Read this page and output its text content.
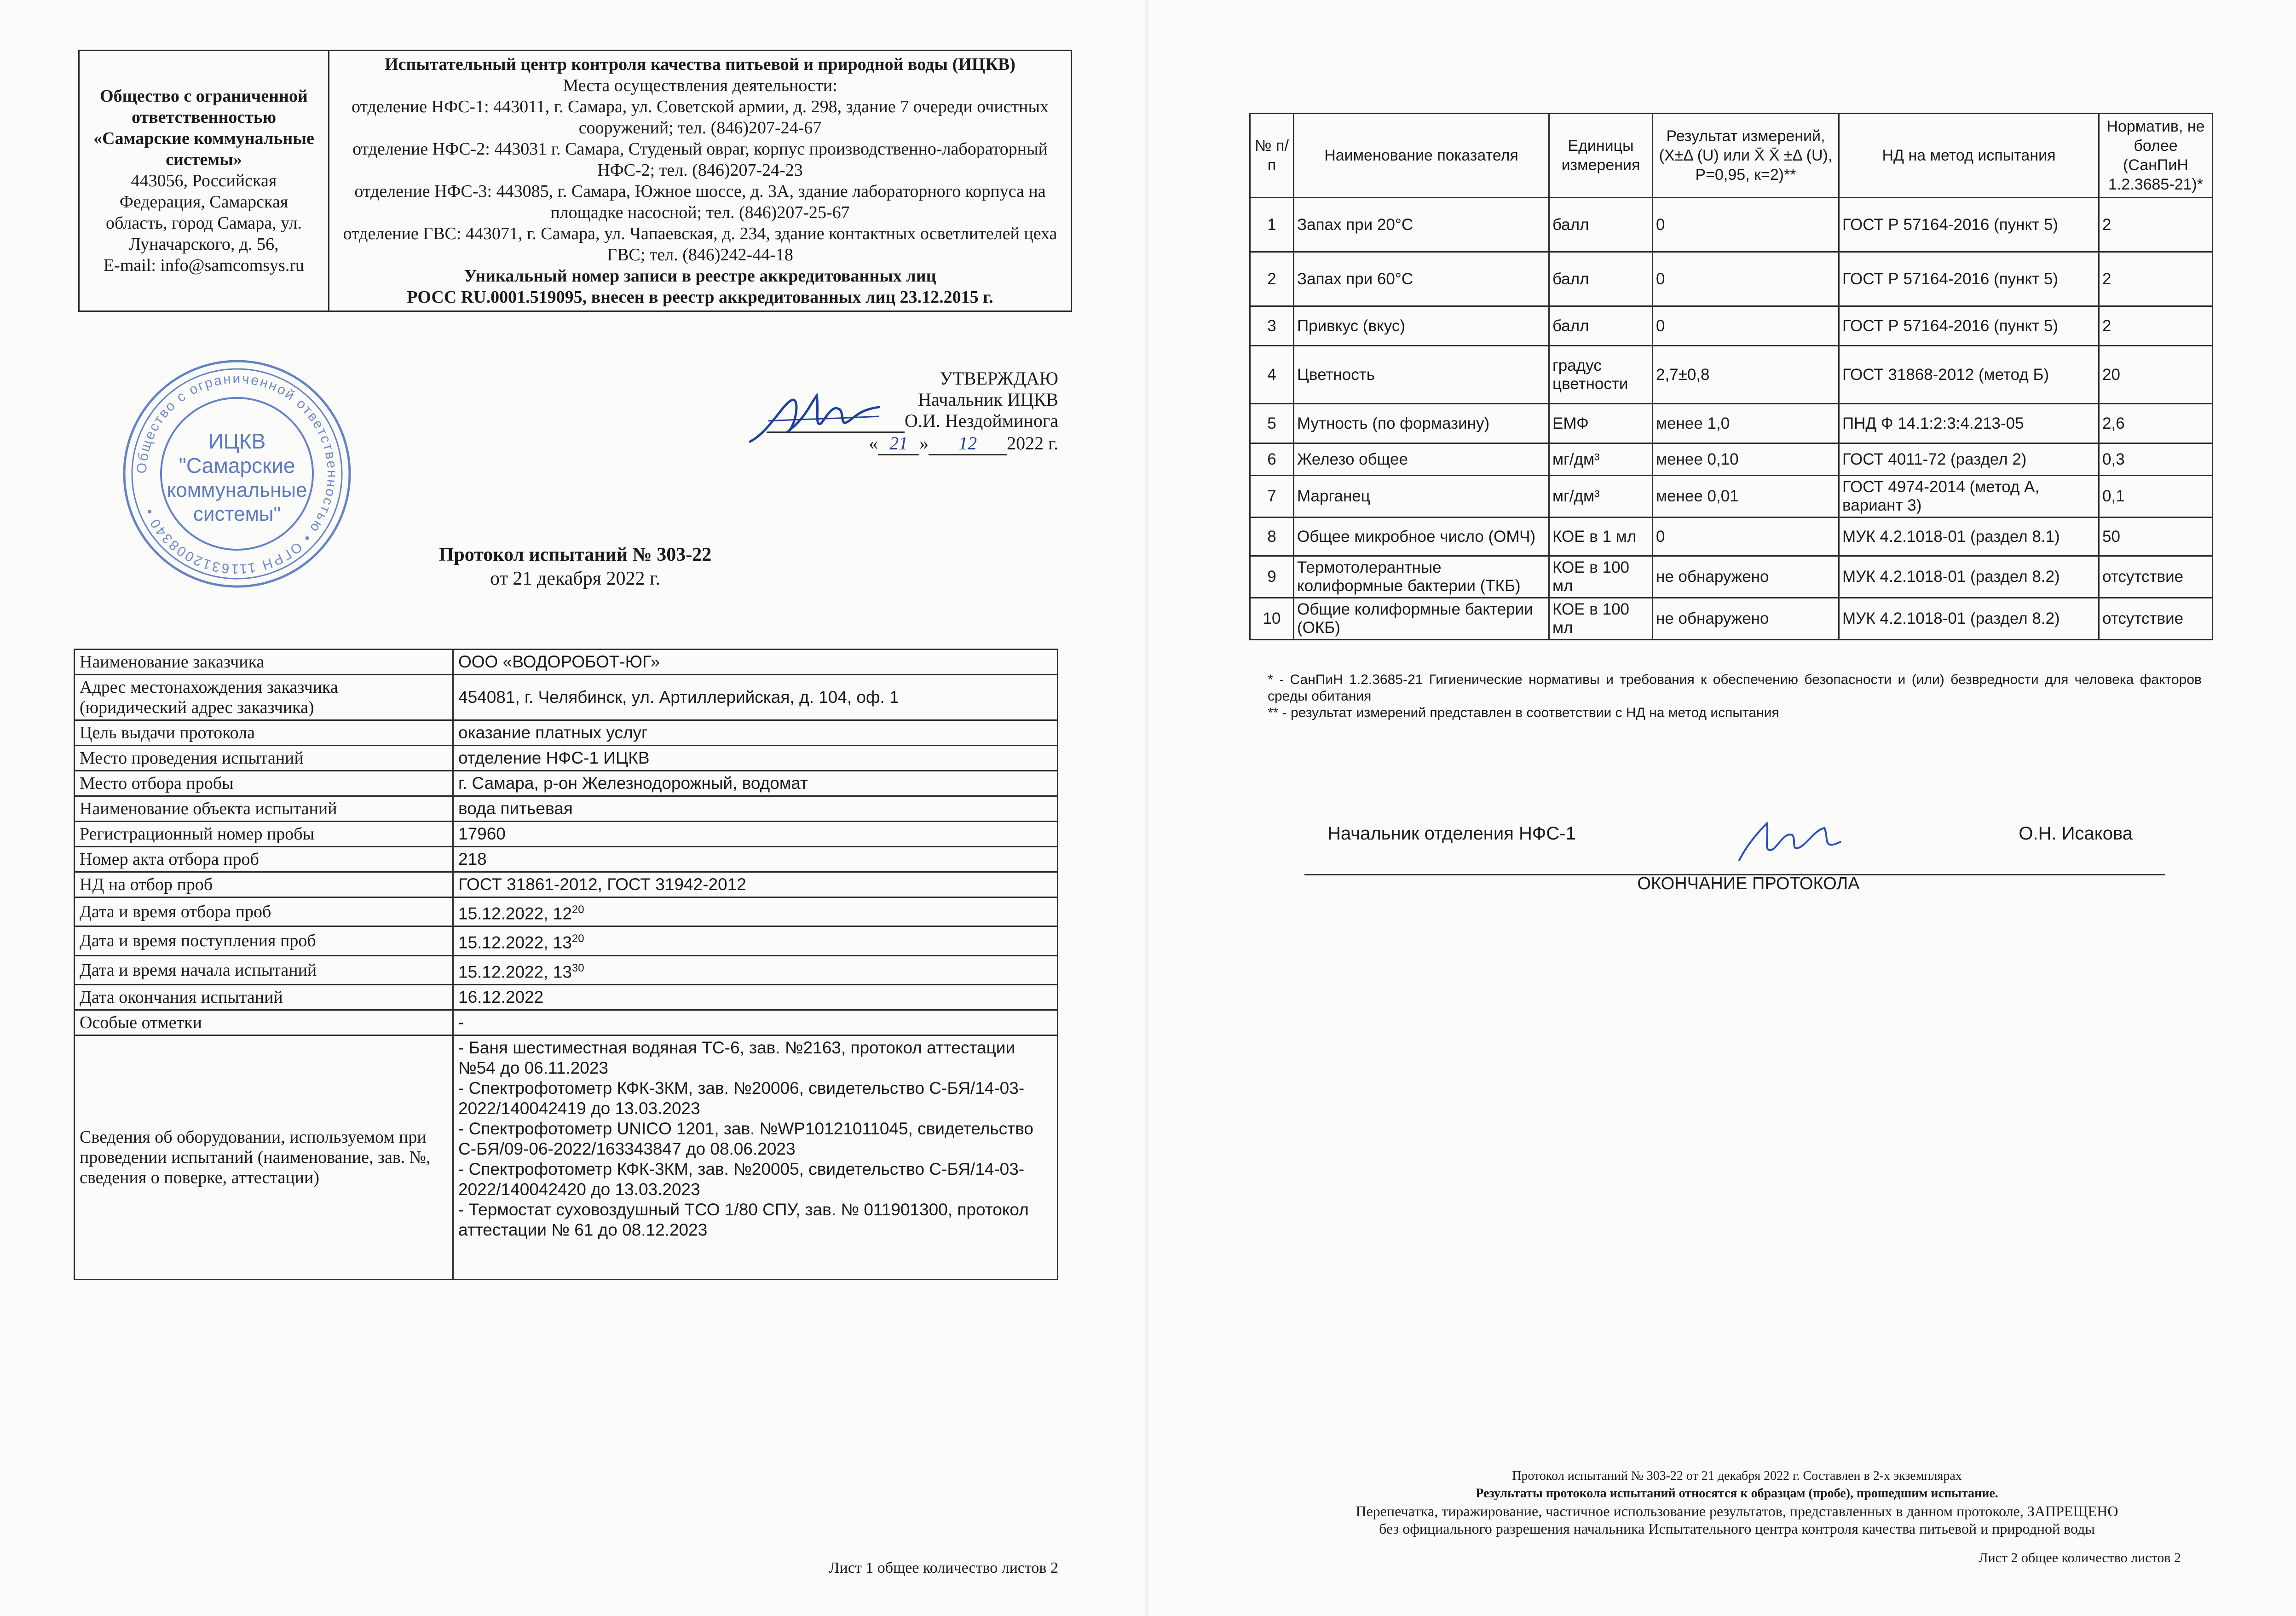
Общество с ограниченной ответственностью «Самарские коммунальные системы»
443056, Российская
Федерация, Самарская
область, город Самара, ул.
Луначарского, д. 56,
E-mail: info@samcomsys.ru

Испытательный центр контроля качества питьевой и природной воды (ИЦКВ)
Места осуществления деятельности:
отделение НФС-1: 443011, г. Самара, ул. Советской армии, д. 298, здание 7 очереди очистных сооружений; тел. (846)207-24-67
отделение НФС-2: 443031 г. Самара, Студеный овраг, корпус производственно-лабораторный НФС-2; тел. (846)207-24-23
отделение НФС-3: 443085, г. Самара, Южное шоссе, д. 3А, здание лабораторного корпуса на площадке насосной; тел. (846)207-25-67
отделение ГВС: 443071, г. Самара, ул. Чапаевская, д. 234, здание контактных осветлителей цеха ГВС; тел. (846)242-44-18
Уникальный номер записи в реестре аккредитованных лиц
РОСС RU.0001.519095, внесен в реестр аккредитованных лиц 23.12.2015 г.
Общество с ограниченной ответственностью • ОГРН 1116312008340 •
ИЦКВ
"Самарские
коммунальные
системы"
УТВЕРЖДАЮ
Начальник ИЦКВ
О.И. Нездойминога
« 21 » 12 2022 г.
Протокол испытаний № 303-22
от 21 декабря 2022 г.
Наименование заказчика	ООО «ВОДОРОБОТ-ЮГ»
Адрес местонахождения заказчика (юридический адрес заказчика)	454081, г. Челябинск, ул. Артиллерийская, д. 104, оф. 1
Цель выдачи протокола	оказание платных услуг
Место проведения испытаний	отделение НФС-1 ИЦКВ
Место отбора пробы	г. Самара, р-он Железнодорожный, водомат
Наименование объекта испытаний	вода питьевая
Регистрационный номер пробы	17960
Номер акта отбора проб	218
НД на отбор проб	ГОСТ 31861-2012, ГОСТ 31942-2012
Дата и время отбора проб	15.12.2022, $12^{20}$
Дата и время поступления проб	15.12.2022, $13^{20}$
Дата и время начала испытаний	15.12.2022, $13^{30}$
Дата окончания испытаний	16.12.2022
Особые отметки	-
Сведения об оборудовании, используемом при проведении испытаний (наименование, зав. №, сведения о поверке, аттестации)	- Баня шестиместная водяная ТС-6, зав. №2163, протокол аттестации №54 до 06.11.2023
- Спектрофотометр КФК-3КМ, зав. №20006, свидетельство С-БЯ/14-03-2022/140042419 до 13.03.2023
- Спектрофотометр UNICO 1201, зав. №WP10121011045, свидетельство С-БЯ/09-06-2022/163343847 до 08.06.2023
- Спектрофотометр КФК-3КМ, зав. №20005, свидетельство С-БЯ/14-03-2022/140042420 до 13.03.2023
- Термостат суховоздушный ТСО 1/80 СПУ, зав. № 011901300, протокол аттестации № 61 до 08.12.2023
Лист 1 общее количество листов 2
№ п/п	Наименование показателя	Единицы измерения	Результат измерений, (X±Δ (U) или X̄ X̄ ±Δ (U), P=0,95, к=2)**	НД на метод испытания	Норматив, не более (СанПиН 1.2.3685-21)*
1	Запах при 20°С	балл	0	ГОСТ Р 57164-2016 (пункт 5)	2
2	Запах при 60°С	балл	0	ГОСТ Р 57164-2016 (пункт 5)	2
3	Привкус (вкус)	балл	0	ГОСТ Р 57164-2016 (пункт 5)	2
4	Цветность	градус цветности	2,7±0,8	ГОСТ 31868-2012 (метод Б)	20
5	Мутность (по формазину)	ЕМФ	менее 1,0	ПНД Ф 14.1:2:3:4.213-05	2,6
6	Железо общее	мг/дм³	менее 0,10	ГОСТ 4011-72 (раздел 2)	0,3
7	Марганец	мг/дм³	менее 0,01	ГОСТ 4974-2014 (метод А, вариант 3)	0,1
8	Общее микробное число (ОМЧ)	КОЕ в 1 мл	0	МУК 4.2.1018-01 (раздел 8.1)	50
9	Термотолерантные колиформные бактерии (ТКБ)	КОЕ в 100 мл	не обнаружено	МУК 4.2.1018-01 (раздел 8.2)	отсутствие
10	Общие колиформные бактерии (ОКБ)	КОЕ в 100 мл	не обнаружено	МУК 4.2.1018-01 (раздел 8.2)	отсутствие
* - СанПиН 1.2.3685-21 Гигиенические нормативы и требования к обеспечению безопасности и (или) безвредности для человека факторов среды обитания
** - результат измерений представлен в соответствии с НД на метод испытания
Начальник отделения НФС-1	О.Н. Исакова
ОКОНЧАНИЕ ПРОТОКОЛА
Протокол испытаний № 303-22 от 21 декабря 2022 г. Составлен в 2-х экземплярах
Результаты протокола испытаний относятся к образцам (пробе), прошедшим испытание.
Перепечатка, тиражирование, частичное использование результатов, представленных в данном протоколе, ЗАПРЕЩЕНО
без официального разрешения начальника Испытательного центра контроля качества питьевой и природной воды
Лист 2 общее количество листов 2
